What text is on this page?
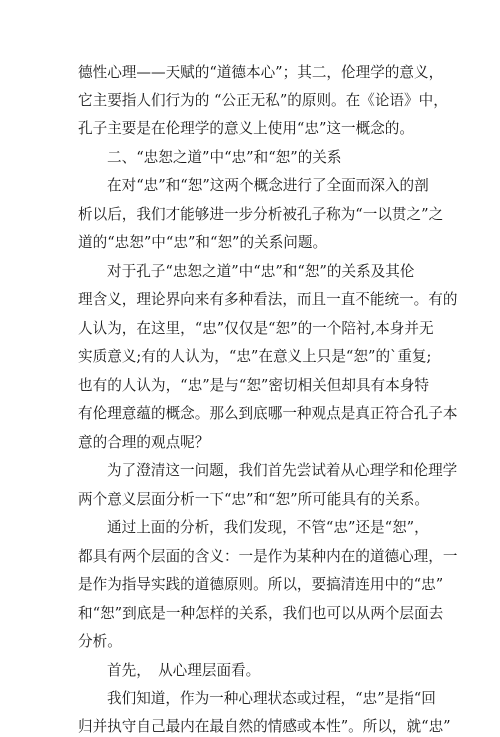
德性心理——天赋的“道德本心”；其二，伦理学的意义，
它主要指人们行为的 “公正无私”的原则。在《论语》中，
孔子主要是在伦理学的意义上使用“忠”这一概念的。
二、“忠恕之道”中“忠”和“恕”的关系
在对“忠”和“恕”这两个概念进行了全面而深入的剖
析以后，我们才能够进一步分析被孔子称为“一以贯之”之
道的“忠恕”中“忠”和“恕”的关系问题。
对于孔子“忠恕之道”中“忠”和“恕”的关系及其伦
理含义，理论界向来有多种看法，而且一直不能统一。有的
人认为，在这里，“忠”仅仅是“恕”的一个陪衬,本身并无
实质意义;有的人认为，“忠”在意义上只是“恕”的`重复;
也有的人认为，“忠”是与“恕”密切相关但却具有本身特
有伦理意蕴的概念。那么到底哪一种观点是真正符合孔子本
意的合理的观点呢？
为了澄清这一问题，我们首先尝试着从心理学和伦理学
两个意义层面分析一下“忠”和“恕”所可能具有的关系。
通过上面的分析，我们发现，不管“忠”还是“恕”，
都具有两个层面的含义：一是作为某种内在的道德心理，一
是作为指导实践的道德原则。所以，要搞清连用中的“忠”
和“恕”到底是一种怎样的关系，我们也可以从两个层面去
分析。
首先，　从心理层面看。
我们知道，作为一种心理状态或过程，“忠”是指“回
归并执守自己最内在最自然的情感或本性”。所以，就“忠”
